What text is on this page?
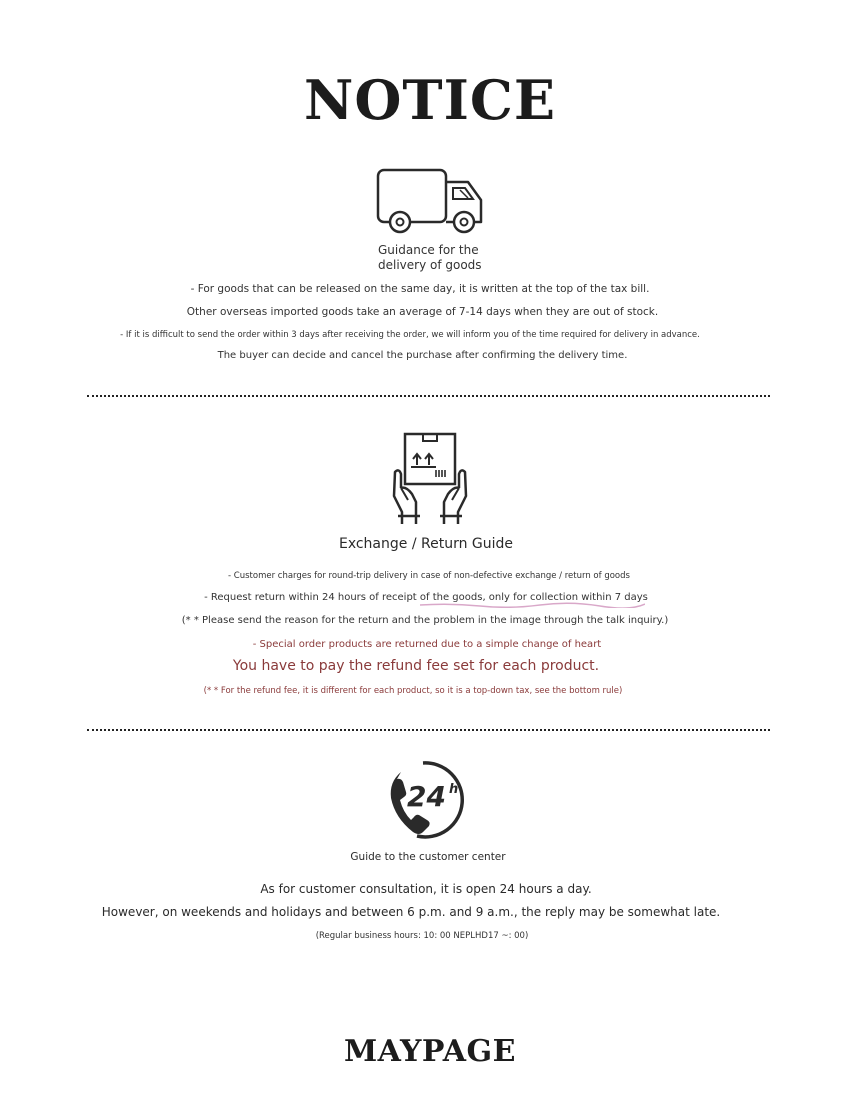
NOTICE
Guidance for the
delivery of goods
- For goods that can be released on the same day, it is written at the top of the tax bill.
Other overseas imported goods take an average of 7-14 days when they are out of stock.
- If it is difficult to send the order within 3 days after receiving the order, we will inform you of the time required for delivery in advance.
The buyer can decide and cancel the purchase after confirming the delivery time.
Exchange / Return Guide
- Customer charges for round-trip delivery in case of non-defective exchange / return of goods
- Request return within 24 hours of receipt of the goods, only for collection within 7 days
(* * Please send the reason for the return and the problem in the image through the talk inquiry.)
- Special order products are returned due to a simple change of heart
You have to pay the refund fee set for each product.
(* * For the refund fee, it is different for each product, so it is a top-down tax, see the bottom rule)
24 h
Guide to the customer center
As for customer consultation, it is open 24 hours a day.
However, on weekends and holidays and between 6 p.m. and 9 a.m., the reply may be somewhat late.
(Regular business hours: 10: 00 NEPLHD17 ~: 00)
MAYPAGE
